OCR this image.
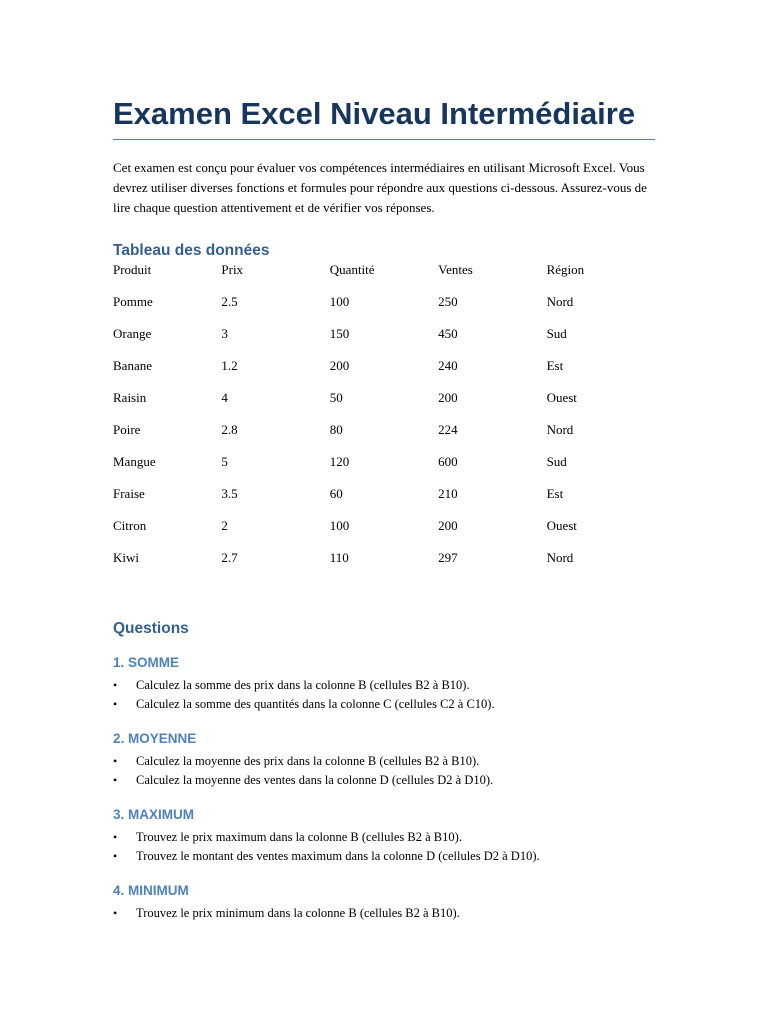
Examen Excel Niveau Intermédiaire

Cet examen est conçu pour évaluer vos compétences intermédiaires en utilisant Microsoft Excel. Vous devrez utiliser diverses fonctions et formules pour répondre aux questions ci-dessous. Assurez-vous de lire chaque question attentivement et de vérifier vos réponses.

Tableau des données
Produit	Prix	Quantité	Ventes	Région
Pomme	2.5	100	250	Nord
Orange	3	150	450	Sud
Banane	1.2	200	240	Est
Raisin	4	50	200	Ouest
Poire	2.8	80	224	Nord
Mangue	5	120	600	Sud
Fraise	3.5	60	210	Est
Citron	2	100	200	Ouest
Kiwi	2.7	110	297	Nord
Questions
1. SOMME
• Calculez la somme des prix dans la colonne B (cellules B2 à B10).
• Calculez la somme des quantités dans la colonne C (cellules C2 à C10).
2. MOYENNE
• Calculez la moyenne des prix dans la colonne B (cellules B2 à B10).
• Calculez la moyenne des ventes dans la colonne D (cellules D2 à D10).
3. MAXIMUM
• Trouvez le prix maximum dans la colonne B (cellules B2 à B10).
• Trouvez le montant des ventes maximum dans la colonne D (cellules D2 à D10).
4. MINIMUM
• Trouvez le prix minimum dans la colonne B (cellules B2 à B10).
